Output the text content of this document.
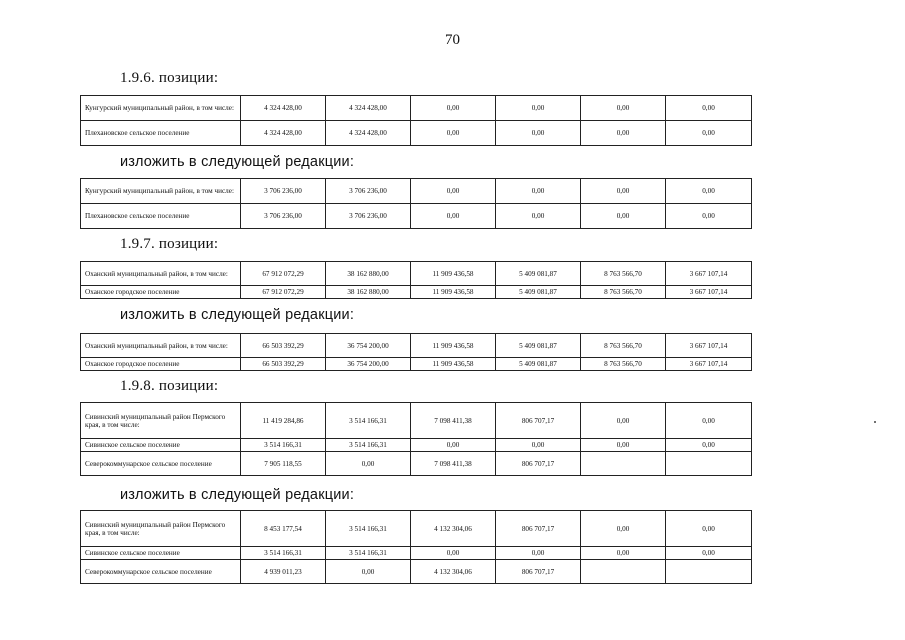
70
1.9.6. позиции:
Кунгурский муниципальный район, в том числе:	4 324 428,00	4 324 428,00	0,00	0,00	0,00	0,00
Плехановское сельское поселение	4 324 428,00	4 324 428,00	0,00	0,00	0,00	0,00
изложить в следующей редакции:
Кунгурский муниципальный район, в том числе:	3 706 236,00	3 706 236,00	0,00	0,00	0,00	0,00
Плехановское сельское поселение	3 706 236,00	3 706 236,00	0,00	0,00	0,00	0,00
1.9.7. позиции:
Оханский муниципальный район, в том числе:	67 912 072,29	38 162 880,00	11 909 436,58	5 409 081,87	8 763 566,70	3 667 107,14
Оханское городское поселение	67 912 072,29	38 162 880,00	11 909 436,58	5 409 081,87	8 763 566,70	3 667 107,14
изложить в следующей редакции:
Оханский муниципальный район, в том числе:	66 503 392,29	36 754 200,00	11 909 436,58	5 409 081,87	8 763 566,70	3 667 107,14
Оханское городское поселение	66 503 392,29	36 754 200,00	11 909 436,58	5 409 081,87	8 763 566,70	3 667 107,14
1.9.8. позиции:
Сивинский муниципальный район Пермского края, в том числе:	11 419 284,86	3 514 166,31	7 098 411,38	806 707,17	0,00	0,00
Сивинское сельское поселение	3 514 166,31	3 514 166,31	0,00	0,00	0,00	0,00
Северокоммунарское сельское поселение	7 905 118,55	0,00	7 098 411,38	806 707,17		
изложить в следующей редакции:
Сивинский муниципальный район Пермского края, в том числе:	8 453 177,54	3 514 166,31	4 132 304,06	806 707,17	0,00	0,00
Сивинское сельское поселение	3 514 166,31	3 514 166,31	0,00	0,00	0,00	0,00
Северокоммунарское сельское поселение	4 939 011,23	0,00	4 132 304,06	806 707,17		
